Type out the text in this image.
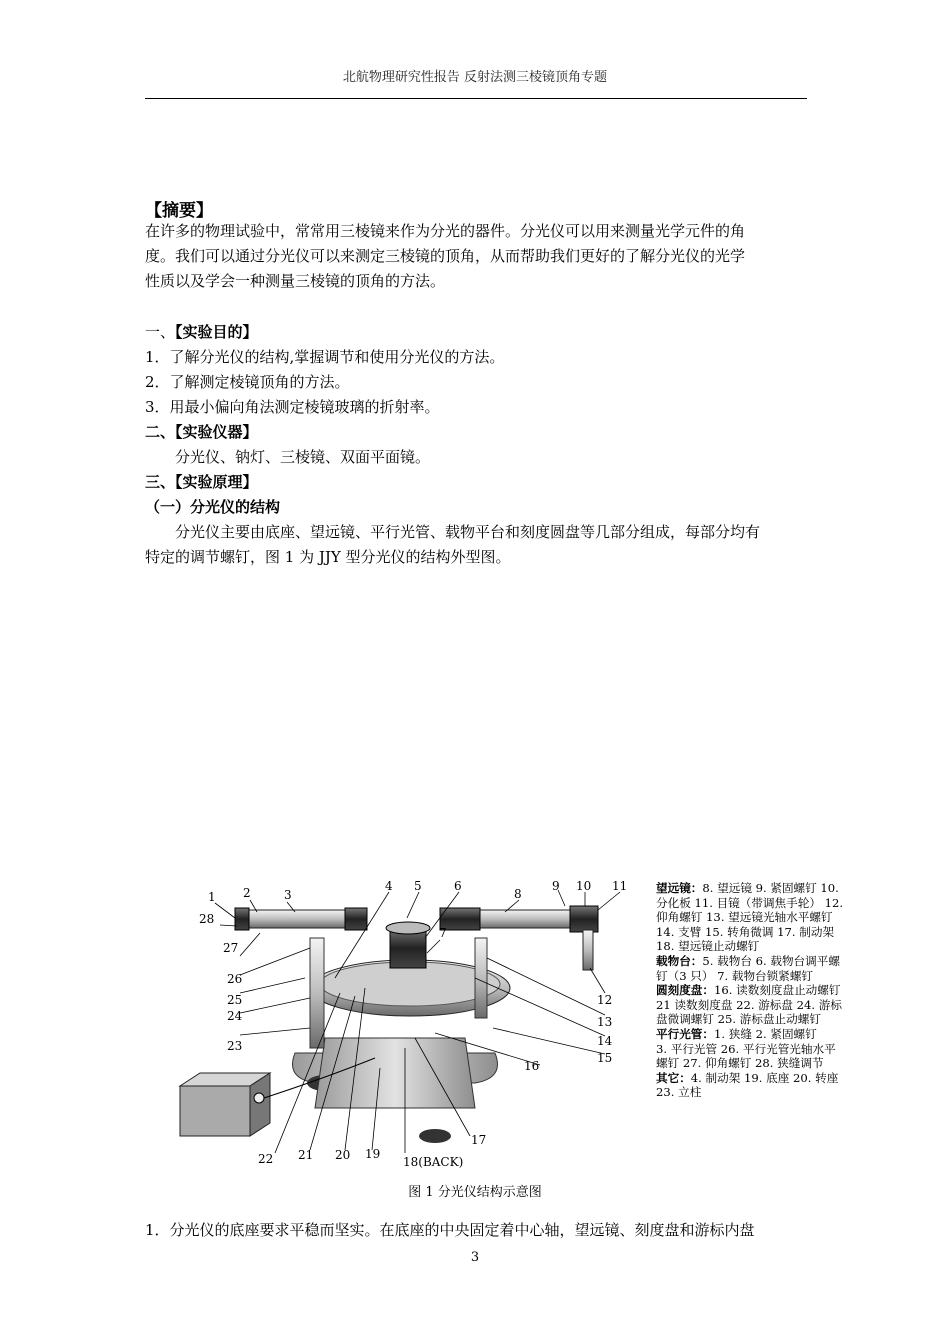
北航物理研究性报告 反射法测三棱镜顶角专题
【摘要】
在许多的物理试验中，常常用三棱镜来作为分光的器件。分光仪可以用来测量光学元件的角
度。我们可以通过分光仪可以来测定三棱镜的顶角，从而帮助我们更好的了解分光仪的光学
性质以及学会一种测量三棱镜的顶角的方法。
一、【实验目的】
1．了解分光仪的结构,掌握调节和使用分光仪的方法。
2．了解测定棱镜顶角的方法。
3．用最小偏向角法测定棱镜玻璃的折射率。
二、【实验仪器】
分光仪、钠灯、三棱镜、双面平面镜。
三、【实验原理】
（一）分光仪的结构
分光仪主要由底座、望远镜、平行光管、载物平台和刻度圆盘等几部分组成，每部分均有
特定的调节螺钉，图 1 为 JJY 型分光仪的结构外型图。
1 2	3
4 5	6
7
8
9 10 11
12
13
14
15
16
17
18(BACK)
19
20
21
22
23
24
25
26
27
28
望远镜：8. 望远镜 9. 紧固螺钉 10.
分化板 11. 目镜（带调焦手轮） 12.
仰角螺钉 13. 望远镜光轴水平螺钉
14. 支臂 15. 转角微调 17. 制动架
18. 望远镜止动螺钉
载物台：5. 载物台 6. 载物台调平螺
钉（3 只） 7. 载物台锁紧螺钉
圆刻度盘：16. 读数刻度盘止动螺钉
21 读数刻度盘 22. 游标盘 24. 游标
盘微调螺钉 25. 游标盘止动螺钉
平行光管：1. 狭缝 2. 紧固螺钉
3. 平行光管 26. 平行光管光轴水平
螺钉 27. 仰角螺钉 28. 狭缝调节
其它：4. 制动架 19. 底座 20. 转座
23. 立柱
图 1 分光仪结构示意图
1．分光仪的底座要求平稳而坚实。在底座的中央固定着中心轴，望远镜、刻度盘和游标内盘
3
